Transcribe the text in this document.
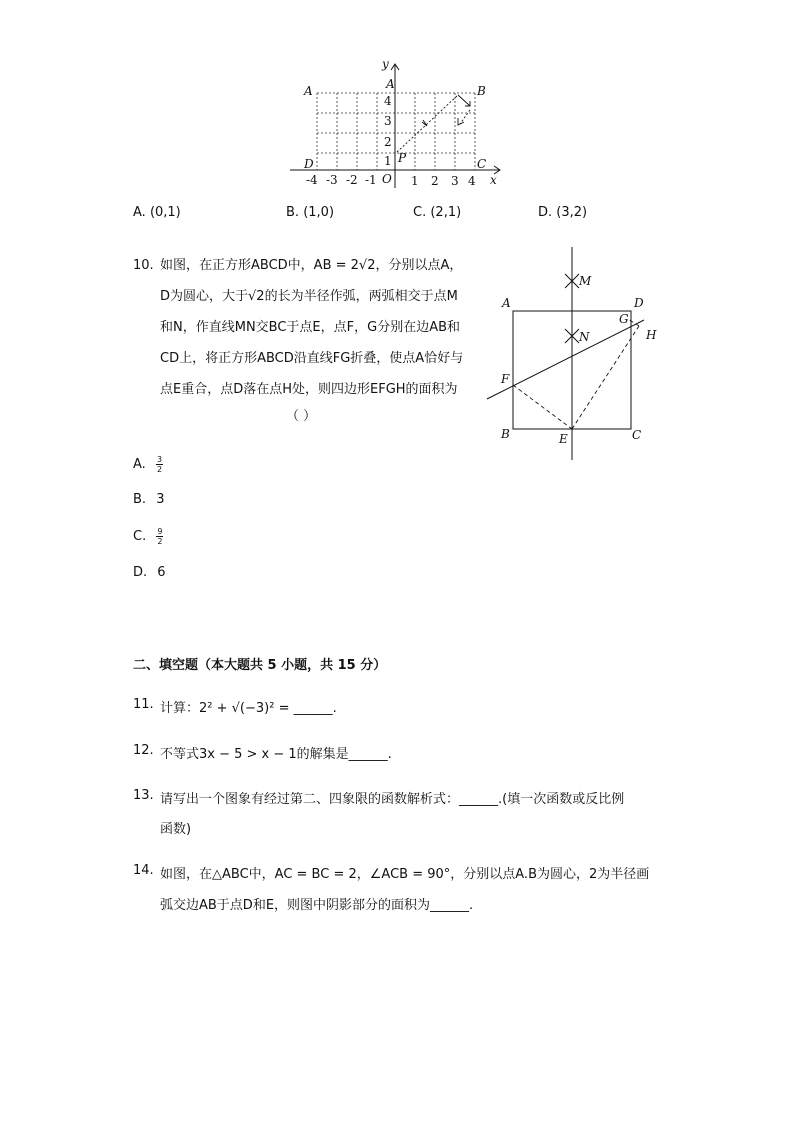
y
x
O
A	A	B
C
D	P
4
3
2
1
-4 -3 -2 -1	1 2 3 4
A. (0,1)	B. (1,0)	C. (2,1)	D. (3,2)
10. 如图，在正方形ABCD中，AB = 2√2，分别以点A，
D为圆心，大于√2的长为半径作弧，两弧相交于点M
和N，作直线MN交BC于点E，点F，G分别在边AB和
CD上，将正方形ABCD沿直线FG折叠，使点A恰好与
点E重合，点D落在点H处，则四边形EFGH的面积为
（ ）
A
B	C
D
E
F
G
H
M
N
A. $\frac{3}{2}$
B. 3
C. $\frac{9}{2}$
D. 6
二、填空题（本大题共 5 小题，共 15 分）
11. 计算：2² + √(−3)² = ______.
12. 不等式3x − 5 > x − 1的解集是______.
13. 请写出一个图象有经过第二、四象限的函数解析式：______.(填一次函数或反比例
函数)
14. 如图，在△ABC中，AC = BC = 2，∠ACB = 90°，分别以点A.B为圆心，2为半径画
弧交边AB于点D和E，则图中阴影部分的面积为______.
